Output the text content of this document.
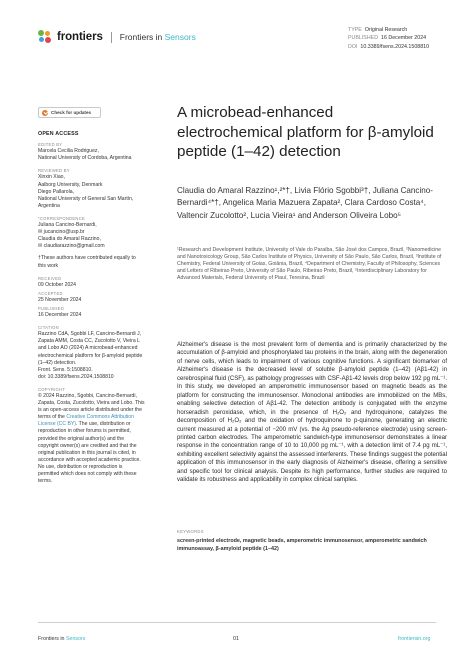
frontiers Frontiers in Sensors
TYPE Original Research
PUBLISHED 16 December 2024
DOI 10.3389/fsens.2024.1508810
Check for updates
OPEN ACCESS
EDITED BY

Marcela Cecilia Rodriguez,

National University of Cordoba, Argentina

REVIEWED BY

Xinxin Xiao,

Aalborg University, Denmark

Diego Pallarola,

National University of General San Martín,

Argentina

*CORRESPONDENCE

Juliana Cancino-Bernardi,

✉ jucancino@usp.br

Claudia do Amaral Razzino,

✉ claudiarazzino@gmail.com

†These authors have contributed equally to

this work

RECEIVED

09 October 2024

ACCEPTED

25 November 2024

PUBLISHED

16 December 2024

CITATION

Razzino CdA, Sgobbi LF, Cancino-Bernardi J,

Zapata AMM, Costa CC, Zucolotto V, Vieira L

and Lobo AO (2024) A microbead-enhanced

electrochemical platform for β-amyloid peptide

(1–42) detection.

Front. Sens. 5:1508810.

doi: 10.3389/fsens.2024.1508810

COPYRIGHT

© 2024 Razzino, Sgobbi, Cancino-Bernardi,

Zapata, Costa, Zucolotto, Vieira and Lobo. This

is an open-access article distributed under the

terms of the Creative Commons Attribution License (CC BY). The use, distribution or

reproduction in other forums is permitted,

provided the original author(s) and the

copyright owner(s) are credited and that the

original publication in this journal is cited, in

accordance with accepted academic practice.

No use, distribution or reproduction is

permitted which does not comply with these

terms.

A microbead-enhanced electrochemical platform for β-amyloid peptide (1–42) detection
Claudia do Amaral Razzino¹,²*†, Livia Flório Sgobbi³†, Juliana Cancino-Bernardi⁴*†, Angelica Maria Mazuera Zapata², Clara Cardoso Costa⁴, Valtencir Zucolotto², Lucia Vieira¹ and Anderson Oliveira Lobo⁵
¹Research and Development Institute, University of Vale do Paraíba, São José dos Campos, Brazil, ²Nanomedicine and Nanotoxicology Group, São Carlos Institute of Physics, University of São Paulo, São Carlos, Brazil, ³Institute of Chemistry, Federal University of Goias, Goiânia, Brazil, ⁴Department of Chemistry, Faculty of Philosophy, Sciences and Letters of Ribeirao Preto, University of São Paulo, Ribeirao Preto, Brazil, ⁵Interdisciplinary Laboratory for Advanced Materials, Federal University of Piauí, Teresina, Brazil

Alzheimer's disease is the most prevalent form of dementia and is primarily characterized by the accumulation of β-amyloid and phosphorylated tau proteins in the brain, along with the degeneration of nerve cells, which leads to impairment of various cognitive functions. A significant biomarker of Alzheimer's disease is the decreased level of soluble β-amyloid peptide (1–42) (Aβ1-42) in cerebrospinal fluid (CSF), as pathology progresses with CSF-Aβ1-42 levels drop below 192 pg mL⁻¹. In this study, we developed an amperometric immunosensor based on magnetic beads as the platform for constructing the immunosensor. Monoclonal antibodies are immobilized on the MBs, enabling selective detection of Aβ1-42. The detection antibody is conjugated with the enzyme horseradish peroxidase, which, in the presence of H₂O₂ and hydroquinone, catalyzes the decomposition of H₂O₂ and the oxidation of hydroquinone to p-quinone, generating an electric current measured at a potential of −200 mV (vs. the Ag pseudo-reference electrode) using screen-printed carbon electrodes. The amperometric sandwich-type immunosensor demonstrates a linear response in the concentration range of 10 to 10,000 pg mL⁻¹, with a detection limit of 7.4 pg mL⁻¹, exhibiting excellent selectivity against the assessed interferents. These findings suggest the potential application of this immunosensor in the early diagnosis of Alzheimer's disease, offering a sensitive and specific tool for clinical analysis. Despite its high performance, further studies are required to validate its robustness and applicability in complex clinical samples.

KEYWORDS
screen-printed electrode, magnetic beads, amperometric immunosensor, amperometric sandwich immunoassay, β-amyloid peptide (1–42)
Frontiers in Sensors	01	frontiersin.org
